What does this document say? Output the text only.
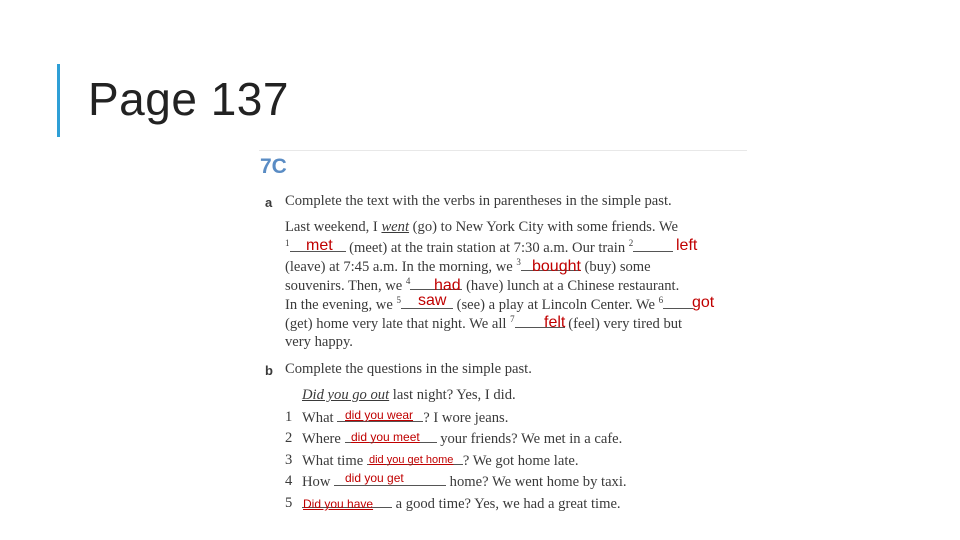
Page 137
7C
a Complete the text with the verbs in parentheses in the simple past.
Last weekend, I went (go) to New York City with some friends. We
$^1$	(meet) at the train station at 7:30 a.m. Our train $^2$
(leave) at 7:45 a.m. In the morning, we $^3$	(buy) some
souvenirs. Then, we $^4$	(have) lunch at a Chinese restaurant.
In the evening, we $^5$	(see) a play at Lincoln Center. We $^6$
(get) home very late that night. We all $^7$	(feel) very tired but
very happy.
b Complete the questions in the simple past.
Did you go out last night? Yes, I did.
1 What	? I wore jeans.
2 Where	your friends? We met in a cafe.
3 What time	? We got home late.
4 How	home? We went home by taxi.
5	a good time? Yes, we had a great time.
met	left
bought
had
saw	got
felt
did you wear
did you meet
did you get home
did you get
Did you have
